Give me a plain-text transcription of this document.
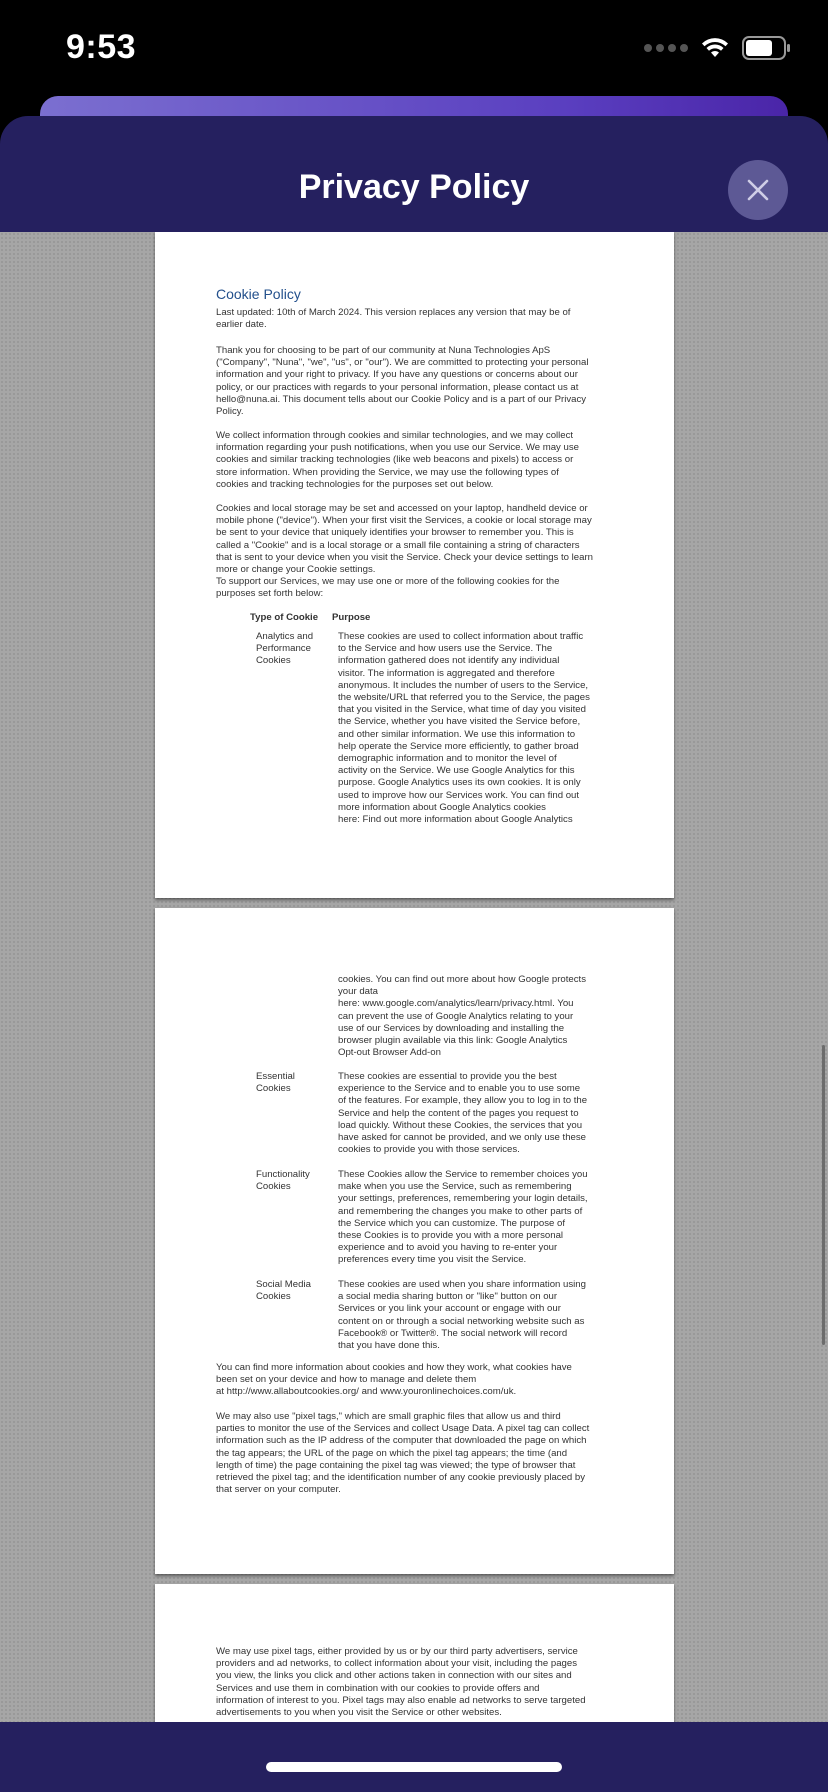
9:53
Privacy Policy
Cookie Policy
Last updated: 10th of March 2024. This version replaces any version that may be of
earlier date.
Thank you for choosing to be part of our community at Nuna Technologies ApS
("Company", "Nuna", "we", "us", or "our"). We are committed to protecting your personal
information and your right to privacy. If you have any questions or concerns about our
policy, or our practices with regards to your personal information, please contact us at
hello@nuna.ai. This document tells about our Cookie Policy and is a part of our Privacy
Policy.
We collect information through cookies and similar technologies, and we may collect
information regarding your push notifications, when you use our Service. We may use
cookies and similar tracking technologies (like web beacons and pixels) to access or
store information. When providing the Service, we may use the following types of
cookies and tracking technologies for the purposes set out below.
Cookies and local storage may be set and accessed on your laptop, handheld device or
mobile phone ("device"). When your first visit the Services, a cookie or local storage may
be sent to your device that uniquely identifies your browser to remember you. This is
called a "Cookie" and is a local storage or a small file containing a string of characters
that is sent to your device when you visit the Service. Check your device settings to learn
more or change your Cookie settings.
To support our Services, we may use one or more of the following cookies for the
purposes set forth below:
Type of Cookie Purpose
Analytics and
Performance
Cookies
These cookies are used to collect information about traffic
to the Service and how users use the Service. The
information gathered does not identify any individual
visitor. The information is aggregated and therefore
anonymous. It includes the number of users to the Service,
the website/URL that referred you to the Service, the pages
that you visited in the Service, what time of day you visited
the Service, whether you have visited the Service before,
and other similar information. We use this information to
help operate the Service more efficiently, to gather broad
demographic information and to monitor the level of
activity on the Service. We use Google Analytics for this
purpose. Google Analytics uses its own cookies. It is only
used to improve how our Services work. You can find out
more information about Google Analytics cookies
here: Find out more information about Google Analytics
cookies. You can find out more about how Google protects
your data
here: www.google.com/analytics/learn/privacy.html. You
can prevent the use of Google Analytics relating to your
use of our Services by downloading and installing the
browser plugin available via this link: Google Analytics
Opt-out Browser Add-on
Essential
Cookies
These cookies are essential to provide you the best
experience to the Service and to enable you to use some
of the features. For example, they allow you to log in to the
Service and help the content of the pages you request to
load quickly. Without these Cookies, the services that you
have asked for cannot be provided, and we only use these
cookies to provide you with those services.
Functionality
Cookies
These Cookies allow the Service to remember choices you
make when you use the Service, such as remembering
your settings, preferences, remembering your login details,
and remembering the changes you make to other parts of
the Service which you can customize. The purpose of
these Cookies is to provide you with a more personal
experience and to avoid you having to re-enter your
preferences every time you visit the Service.
Social Media
Cookies
These cookies are used when you share information using
a social media sharing button or "like" button on our
Services or you link your account or engage with our
content on or through a social networking website such as
Facebook® or Twitter®. The social network will record
that you have done this.
You can find more information about cookies and how they work, what cookies have
been set on your device and how to manage and delete them
at http://www.allaboutcookies.org/ and www.youronlinechoices.com/uk.
We may also use "pixel tags," which are small graphic files that allow us and third
parties to monitor the use of the Services and collect Usage Data. A pixel tag can collect
information such as the IP address of the computer that downloaded the page on which
the tag appears; the URL of the page on which the pixel tag appears; the time (and
length of time) the page containing the pixel tag was viewed; the type of browser that
retrieved the pixel tag; and the identification number of any cookie previously placed by
that server on your computer.
We may use pixel tags, either provided by us or by our third party advertisers, service
providers and ad networks, to collect information about your visit, including the pages
you view, the links you click and other actions taken in connection with our sites and
Services and use them in combination with our cookies to provide offers and
information of interest to you. Pixel tags may also enable ad networks to serve targeted
advertisements to you when you visit the Service or other websites.
